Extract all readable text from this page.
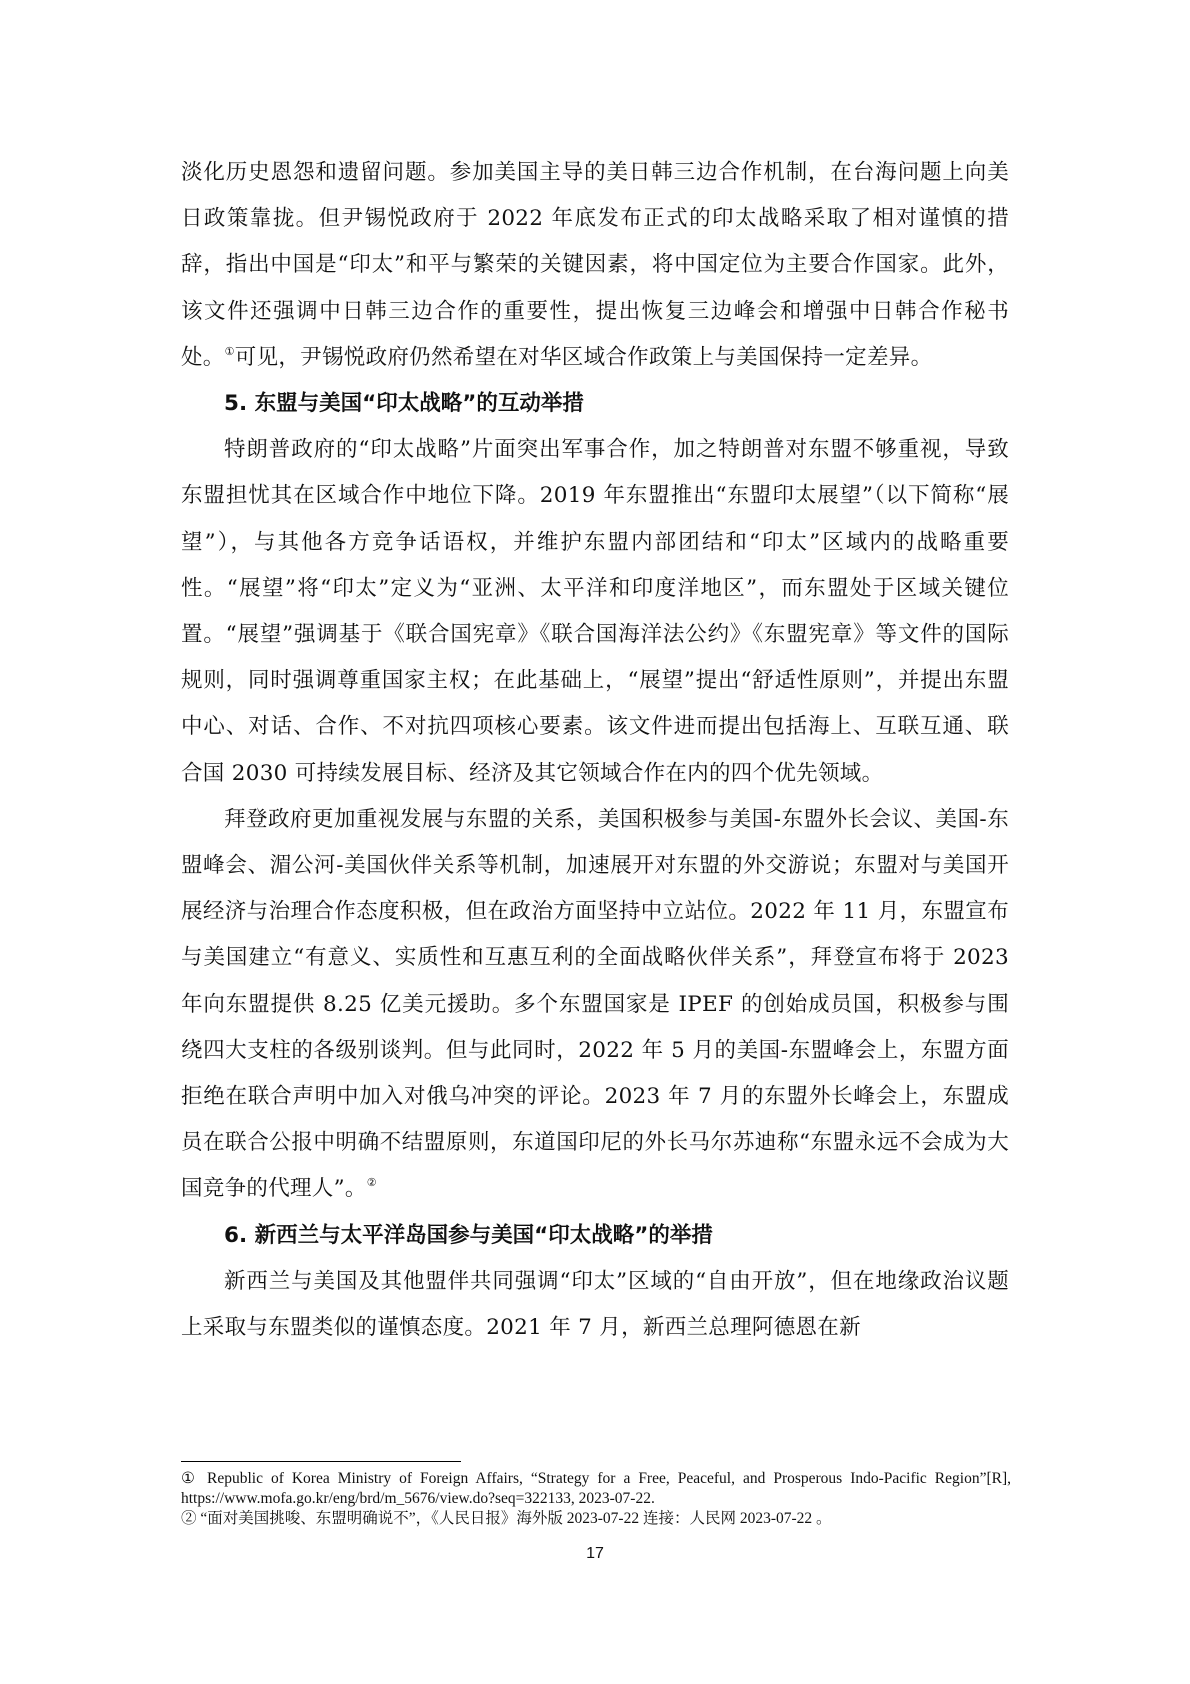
淡化历史恩怨和遗留问题。参加美国主导的美日韩三边合作机制，在台海问题上向美日政策靠拢。但尹锡悦政府于 2022 年底发布正式的印太战略采取了相对谨慎的措辞，指出中国是“印太”和平与繁荣的关键因素，将中国定位为主要合作国家。此外，该文件还强调中日韩三边合作的重要性，提出恢复三边峰会和增强中日韩合作秘书处。①可见，尹锡悦政府仍然希望在对华区域合作政策上与美国保持一定差异。

5. 东盟与美国“印太战略”的互动举措

特朗普政府的“印太战略”片面突出军事合作，加之特朗普对东盟不够重视，导致东盟担忧其在区域合作中地位下降。2019 年东盟推出“东盟印太展望”（以下简称“展望”），与其他各方竞争话语权，并维护东盟内部团结和“印太”区域内的战略重要性。“展望”将“印太”定义为“亚洲、太平洋和印度洋地区”，而东盟处于区域关键位置。“展望”强调基于《联合国宪章》《联合国海洋法公约》《东盟宪章》等文件的国际规则，同时强调尊重国家主权；在此基础上，“展望”提出“舒适性原则”，并提出东盟中心、对话、合作、不对抗四项核心要素。该文件进而提出包括海上、互联互通、联合国 2030 可持续发展目标、经济及其它领域合作在内的四个优先领域。

拜登政府更加重视发展与东盟的关系，美国积极参与美国-东盟外长会议、美国-东盟峰会、湄公河-美国伙伴关系等机制，加速展开对东盟的外交游说；东盟对与美国开展经济与治理合作态度积极，但在政治方面坚持中立站位。2022 年 11 月，东盟宣布与美国建立“有意义、实质性和互惠互利的全面战略伙伴关系”，拜登宣布将于 2023 年向东盟提供 8.25 亿美元援助。多个东盟国家是 IPEF 的创始成员国，积极参与围绕四大支柱的各级别谈判。但与此同时，2022 年 5 月的美国-东盟峰会上，东盟方面拒绝在联合声明中加入对俄乌冲突的评论。2023 年 7 月的东盟外长峰会上，东盟成员在联合公报中明确不结盟原则，东道国印尼的外长马尔苏迪称“东盟永远不会成为大国竞争的代理人”。②

6. 新西兰与太平洋岛国参与美国“印太战略”的举措

新西兰与美国及其他盟伴共同强调“印太”区域的“自由开放”，但在地缘政治议题上采取与东盟类似的谨慎态度。2021 年 7 月，新西兰总理阿德恩在新

① Republic of Korea Ministry of Foreign Affairs, “Strategy for a Free, Peaceful, and Prosperous Indo-Pacific Region”[R], https://www.mofa.go.kr/eng/brd/m_5676/view.do?seq=322133, 2023-07-22.

② “面对美国挑唆、东盟明确说不”，《人民日报》海外版 2023-07-22 连接：人民网 2023-07-22 。

17
